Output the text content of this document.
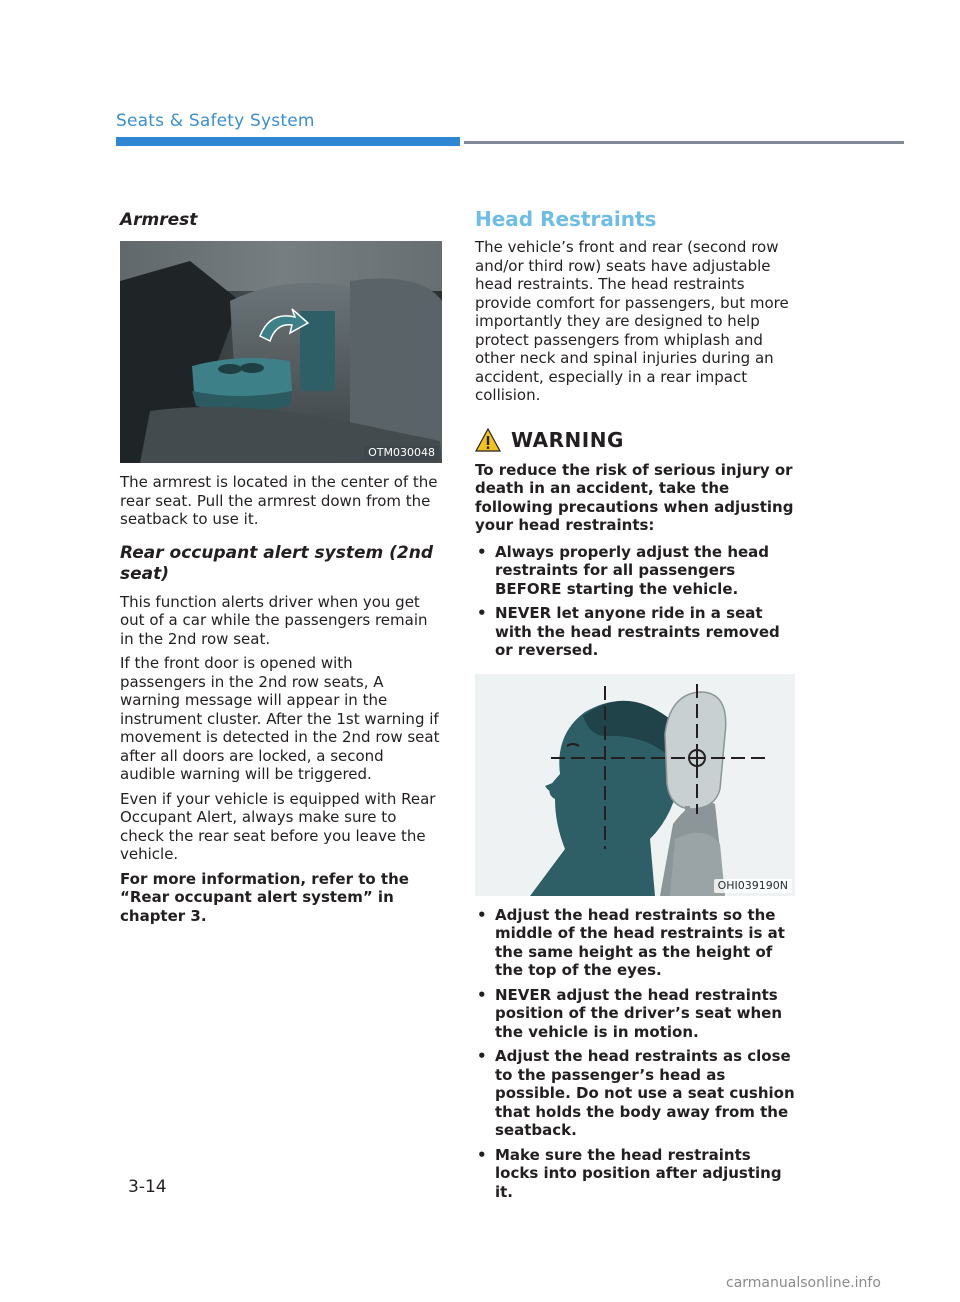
Seats & Safety System
Armrest
OTM030048

The armrest is located in the center of the rear seat. Pull the armrest down from the seatback to use it.

Rear occupant alert system (2nd seat)

This function alerts driver when you get out of a car while the passengers remain in the 2nd row seat.

If the front door is opened with passengers in the 2nd row seats, A warning message will appear in the instrument cluster. After the 1st warning if movement is detected in the 2nd row seat after all doors are locked, a second audible warning will be triggered.

Even if your vehicle is equipped with Rear Occupant Alert, always make sure to check the rear seat before you leave the vehicle.

For more information, refer to the “Rear occupant alert system” in chapter 3.

Head Restraints

The vehicle’s front and rear (second row and/or third row) seats have adjustable head restraints. The head restraints provide comfort for passengers, but more importantly they are designed to help protect passengers from whiplash and other neck and spinal injuries during an accident, especially in a rear impact collision.

WARNING

To reduce the risk of serious injury or death in an accident, take the following precautions when adjusting your head restraints:

• Always properly adjust the head restraints for all passengers BEFORE starting the vehicle.
• NEVER let anyone ride in a seat with the head restraints removed or reversed.
OHI039190N
• Adjust the head restraints so the middle of the head restraints is at the same height as the height of the top of the eyes.
• NEVER adjust the head restraints position of the driver’s seat when the vehicle is in motion.
• Adjust the head restraints as close to the passenger’s head as possible. Do not use a seat cushion that holds the body away from the seatback.
• Make sure the head restraints locks into position after adjusting it.
3-14
carmanualsonline.info
